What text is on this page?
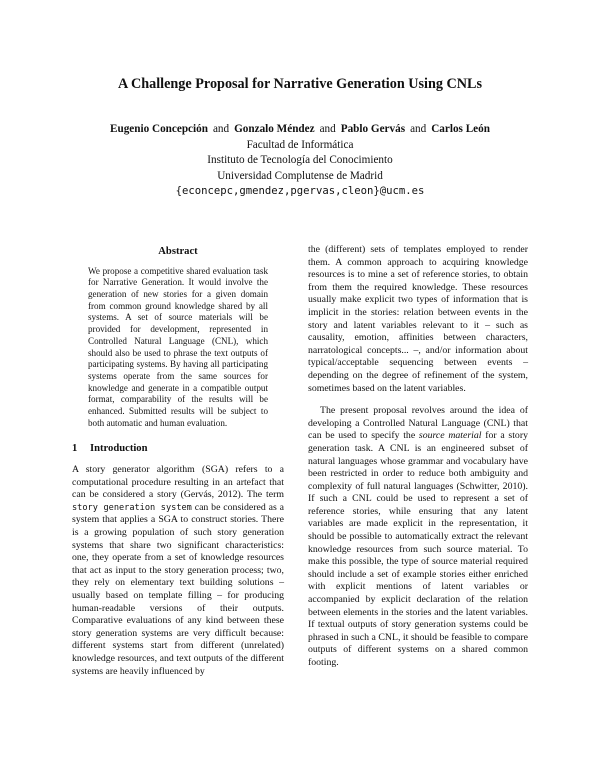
A Challenge Proposal for Narrative Generation Using CNLs
Eugenio Concepción and Gonzalo Méndez and Pablo Gervás and Carlos León
Facultad de Informática
Instituto de Tecnología del Conocimiento
Universidad Complutense de Madrid
{econcepc,gmendez,pgervas,cleon}@ucm.es
Abstract

We propose a competitive shared evaluation task for Narrative Generation. It would involve the generation of new stories for a given domain from common ground knowledge shared by all systems. A set of source materials will be provided for development, represented in Controlled Natural Language (CNL), which should also be used to phrase the text outputs of participating systems. By having all participating systems operate from the same sources for knowledge and generate in a compatible output format, comparability of the results will be enhanced. Submitted results will be subject to both automatic and human evaluation.

1 Introduction

A story generator algorithm (SGA) refers to a computational procedure resulting in an artefact that can be considered a story (Gervás, 2012). The term story generation system can be considered as a system that applies a SGA to construct stories. There is a growing population of such story generation systems that share two significant characteristics: one, they operate from a set of knowledge resources that act as input to the story generation process; two, they rely on elementary text building solutions – usually based on template filling – for producing human-readable versions of their outputs. Comparative evaluations of any kind between these story generation systems are very difficult because: different systems start from different (unrelated) knowledge resources, and text outputs of the different systems are heavily influenced by

the (different) sets of templates employed to render them. A common approach to acquiring knowledge resources is to mine a set of reference stories, to obtain from them the required knowledge. These resources usually make explicit two types of information that is implicit in the stories: relation between events in the story and latent variables relevant to it – such as causality, emotion, affinities between characters, narratological concepts... –, and/or information about typical/acceptable sequencing between events – depending on the degree of refinement of the system, sometimes based on the latent variables.

The present proposal revolves around the idea of developing a Controlled Natural Language (CNL) that can be used to specify the source material for a story generation task. A CNL is an engineered subset of natural languages whose grammar and vocabulary have been restricted in order to reduce both ambiguity and complexity of full natural languages (Schwitter, 2010). If such a CNL could be used to represent a set of reference stories, while ensuring that any latent variables are made explicit in the representation, it should be possible to automatically extract the relevant knowledge resources from such source material. To make this possible, the type of source material required should include a set of example stories either enriched with explicit mentions of latent variables or accompanied by explicit declaration of the relation between elements in the stories and the latent variables. If textual outputs of story generation systems could be phrased in such a CNL, it should be feasible to compare outputs of different systems on a shared common footing.
